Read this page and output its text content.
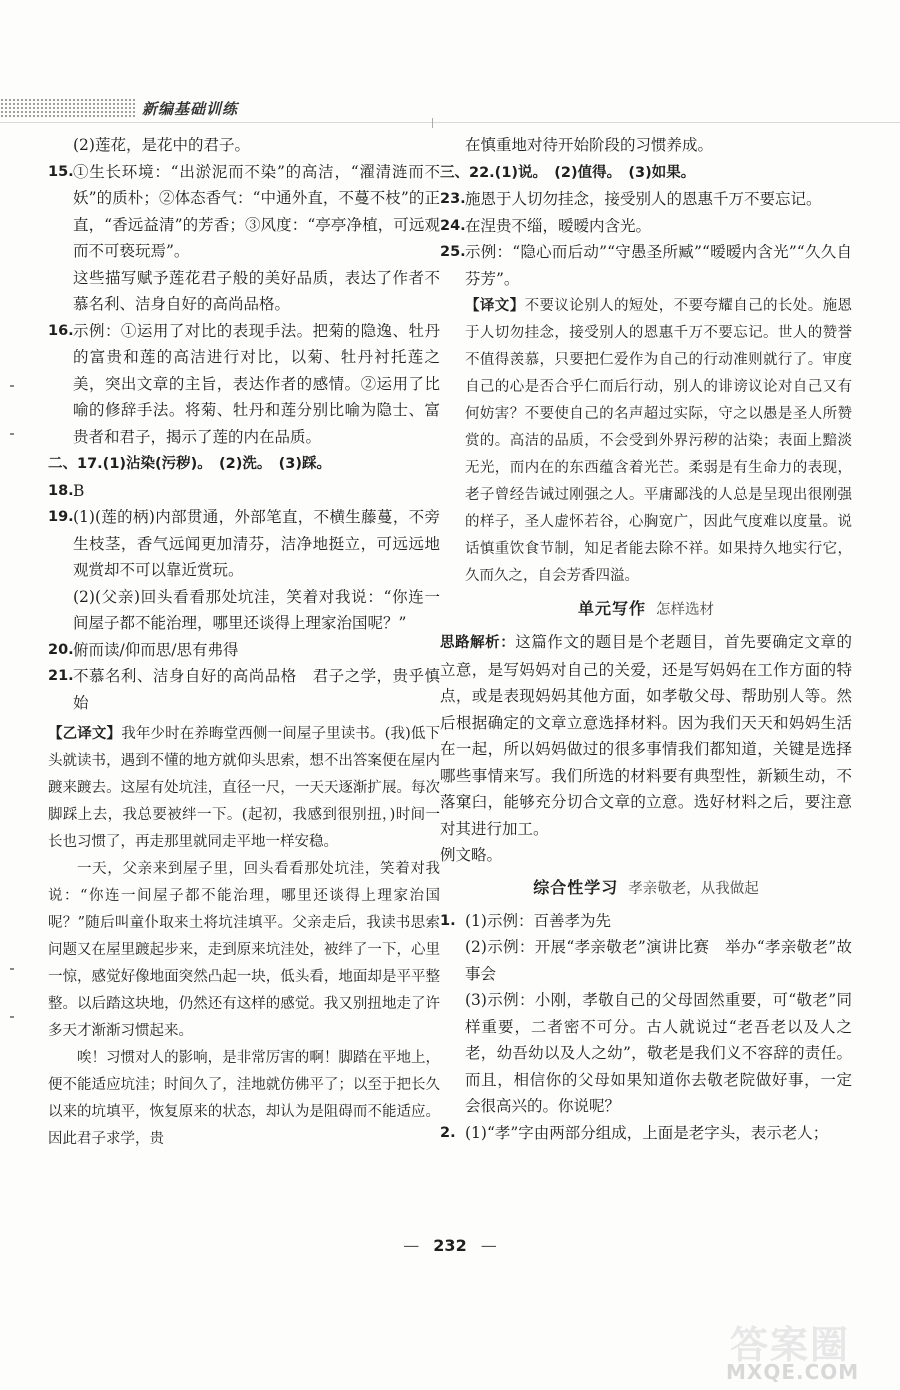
新编基础训练

(2)莲花，是花中的君子。

15. ①生长环境：“出淤泥而不染”的高洁，“濯清涟而不妖”的质朴；②体态香气：“中通外直，不蔓不枝”的正直，“香远益清”的芳香；③风度：“亭亭净植，可远观而不可亵玩焉”。

这些描写赋予莲花君子般的美好品质，表达了作者不慕名利、洁身自好的高尚品格。

16. 示例：①运用了对比的表现手法。把菊的隐逸、牡丹的富贵和莲的高洁进行对比，以菊、牡丹衬托莲之美，突出文章的主旨，表达作者的感情。②运用了比喻的修辞手法。将菊、牡丹和莲分别比喻为隐士、富贵者和君子，揭示了莲的内在品质。

二、17.(1)沾染(污秽)。　(2)洗。　(3)踩。

18. B
19. (1)(莲的柄)内部贯通，外部笔直，不横生藤蔓，不旁生枝茎，香气远闻更加清芬，洁净地挺立，可远远地观赏却不可以靠近赏玩。

(2)(父亲)回头看看那处坑洼，笑着对我说：“你连一间屋子都不能治理，哪里还谈得上理家治国呢？”

20. 俯而读/仰而思/思有弗得
21. 不慕名利、洁身自好的高尚品格　君子之学，贵乎慎始

【乙译文】我年少时在养晦堂西侧一间屋子里读书。(我)低下头就读书，遇到不懂的地方就仰头思索，想不出答案便在屋内踱来踱去。这屋有处坑洼，直径一尺，一天天逐渐扩展。每次脚踩上去，我总要被绊一下。(起初，我感到很别扭，)时间一长也习惯了，再走那里就同走平地一样安稳。

一天，父亲来到屋子里，回头看看那处坑洼，笑着对我说：“你连一间屋子都不能治理，哪里还谈得上理家治国呢？”随后叫童仆取来土将坑洼填平。父亲走后，我读书思索问题又在屋里踱起步来，走到原来坑洼处，被绊了一下，心里一惊，感觉好像地面突然凸起一块，低头看，地面却是平平整整。以后踏这块地，仍然还有这样的感觉。我又别扭地走了许多天才渐渐习惯起来。

唉！习惯对人的影响，是非常厉害的啊！脚踏在平地上，便不能适应坑洼；时间久了，洼地就仿佛平了；以至于把长久以来的坑填平，恢复原来的状态，却认为是阻碍而不能适应。因此君子求学，贵

在慎重地对待开始阶段的习惯养成。

三、22.(1)说。　(2)值得。　(3)如果。

23. 施恩于人切勿挂念，接受别人的恩惠千万不要忘记。
24. 在涅贵不缁，暧暧内含光。
25. 示例：“隐心而后动”“守愚圣所臧”“暧暧内含光”“久久自芬芳”。

【译文】不要议论别人的短处，不要夸耀自己的长处。施恩于人切勿挂念，接受别人的恩惠千万不要忘记。世人的赞誉不值得羡慕，只要把仁爱作为自己的行动准则就行了。审度自己的心是否合乎仁而后行动，别人的诽谤议论对自己又有何妨害？不要使自己的名声超过实际，守之以愚是圣人所赞赏的。高洁的品质，不会受到外界污秽的沾染；表面上黯淡无光，而内在的东西蕴含着光芒。柔弱是有生命力的表现，老子曾经告诫过刚强之人。平庸鄙浅的人总是呈现出很刚强的样子，圣人虚怀若谷，心胸宽广，因此气度难以度量。说话慎重饮食节制，知足者能去除不祥。如果持久地实行它，久而久之，自会芳香四溢。

单元写作 怎样选材

思路解析：这篇作文的题目是个老题目，首先要确定文章的立意，是写妈妈对自己的关爱，还是写妈妈在工作方面的特点，或是表现妈妈其他方面，如孝敬父母、帮助别人等。然后根据确定的文章立意选择材料。因为我们天天和妈妈生活在一起，所以妈妈做过的很多事情我们都知道，关键是选择哪些事情来写。我们所选的材料要有典型性，新颖生动，不落窠臼，能够充分切合文章的立意。选好材料之后，要注意对其进行加工。

例文略。

综合性学习 孝亲敬老，从我做起
1. (1)示例：百善孝为先

(2)示例：开展“孝亲敬老”演讲比赛　举办“孝亲敬老”故事会

(3)示例：小刚，孝敬自己的父母固然重要，可“敬老”同样重要，二者密不可分。古人就说过“老吾老以及人之老，幼吾幼以及人之幼”，敬老是我们义不容辞的责任。而且，相信你的父母如果知道你去敬老院做好事，一定会很高兴的。你说呢？

2. (1)“孝”字由两部分组成，上面是老字头，表示老人；
— 232 —
答案圈
MXQE.COM
